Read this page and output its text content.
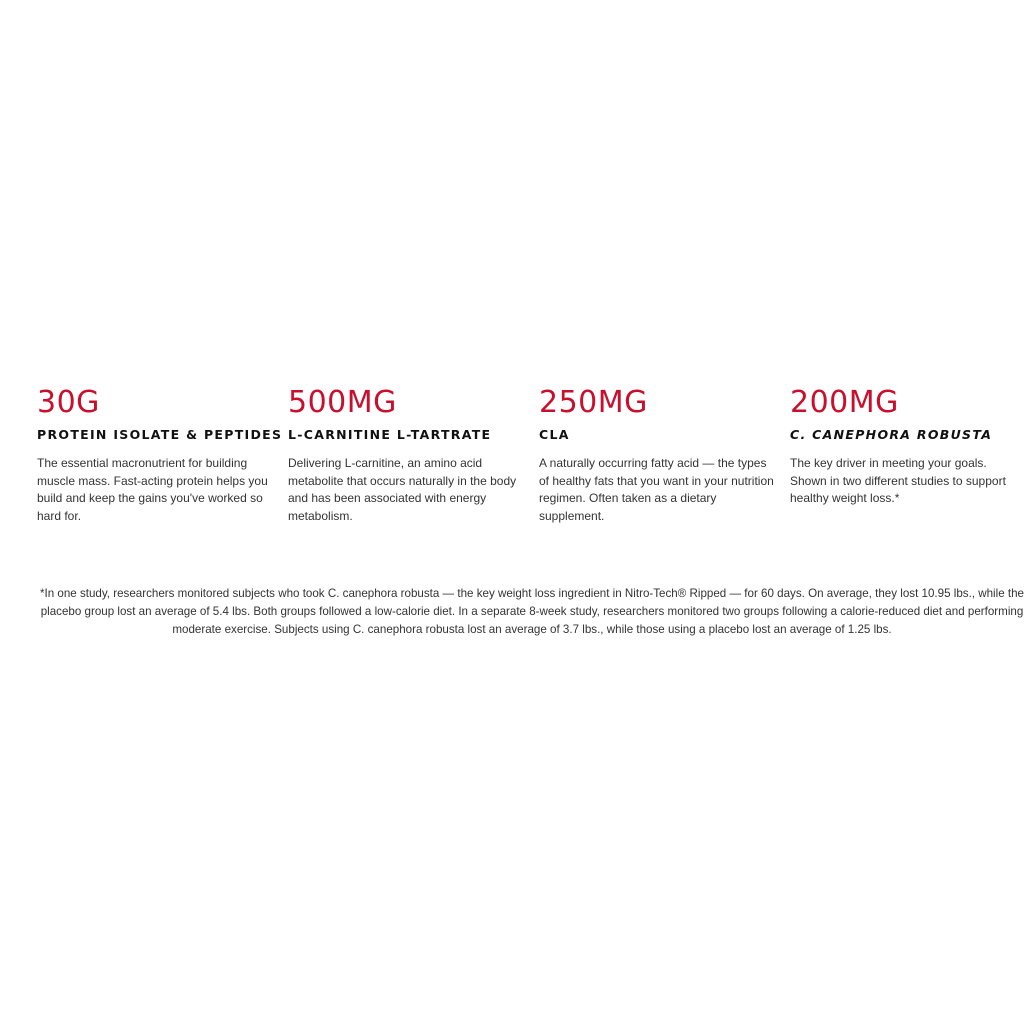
30G
PROTEIN ISOLATE & PEPTIDES
The essential macronutrient for building muscle mass. Fast-acting protein helps you build and keep the gains you've worked so hard for.
500MG
L-CARNITINE L-TARTRATE
Delivering L-carnitine, an amino acid metabolite that occurs naturally in the body and has been associated with energy metabolism.
250MG
CLA
A naturally occurring fatty acid — the types of healthy fats that you want in your nutrition regimen. Often taken as a dietary supplement.
200MG
C. CANEPHORA ROBUSTA
The key driver in meeting your goals. Shown in two different studies to support healthy weight loss.*

*In one study, researchers monitored subjects who took C. canephora robusta — the key weight loss ingredient in Nitro-Tech® Ripped — for 60 days. On average, they lost 10.95 lbs., while the placebo group lost an average of 5.4 lbs. Both groups followed a low-calorie diet. In a separate 8-week study, researchers monitored two groups following a calorie-reduced diet and performing moderate exercise. Subjects using C. canephora robusta lost an average of 3.7 lbs., while those using a placebo lost an average of 1.25 lbs.
